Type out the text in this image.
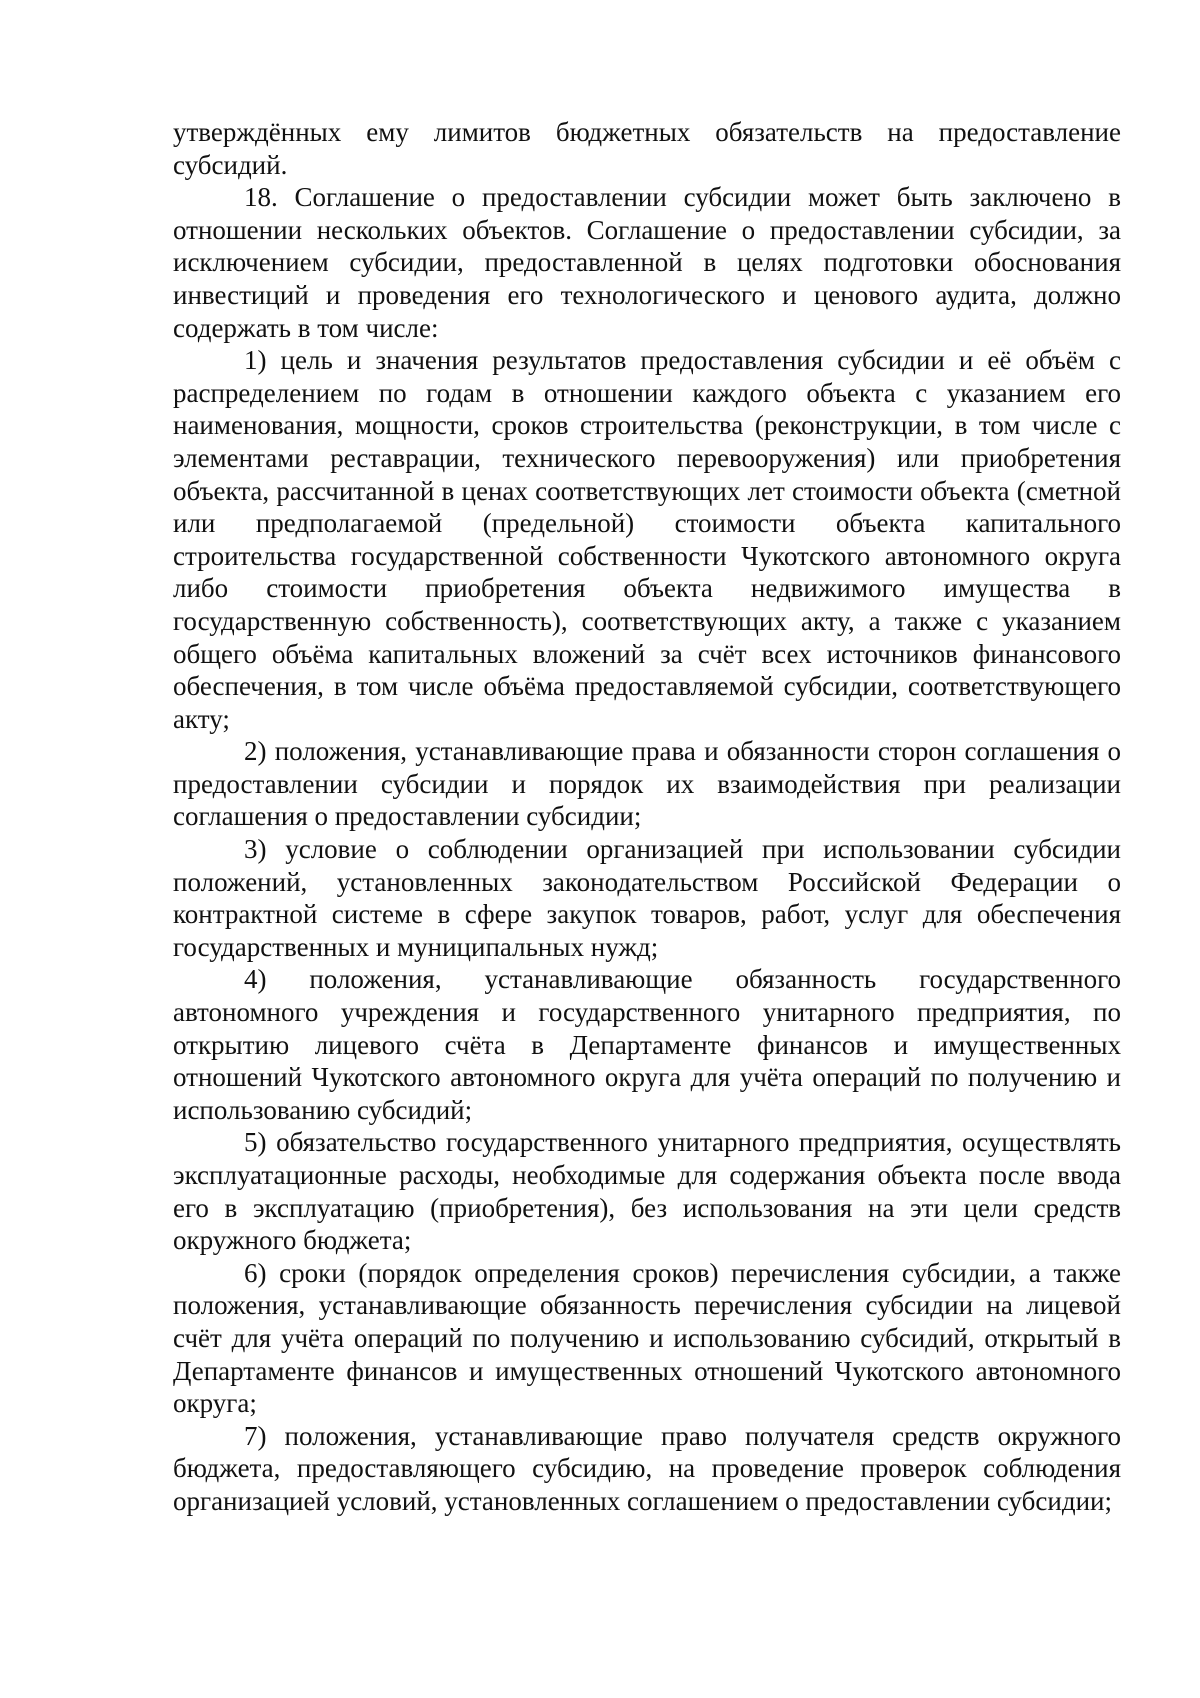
утверждённых ему лимитов бюджетных обязательств на предоставление субсидий.

18. Соглашение о предоставлении субсидии может быть заключено в отношении нескольких объектов. Соглашение о предоставлении субсидии, за исключением субсидии, предоставленной в целях подготовки обоснования инвестиций и проведения его технологического и ценового аудита, должно содержать в том числе:

1) цель и значения результатов предоставления субсидии и её объём с распределением по годам в отношении каждого объекта с указанием его наименования, мощности, сроков строительства (реконструкции, в том числе с элементами реставрации, технического перевооружения) или приобретения объекта, рассчитанной в ценах соответствующих лет стоимости объекта (сметной или предполагаемой (предельной) стоимости объекта капитального строительства государственной собственности Чукотского автономного округа либо стоимости приобретения объекта недвижимого имущества в государственную собственность), соответствующих акту, а также с указанием общего объёма капитальных вложений за счёт всех источников финансового обеспечения, в том числе объёма предоставляемой субсидии, соответствующего акту;

2) положения, устанавливающие права и обязанности сторон соглашения о предоставлении субсидии и порядок их взаимодействия при реализации соглашения о предоставлении субсидии;

3) условие о соблюдении организацией при использовании субсидии положений, установленных законодательством Российской Федерации о контрактной системе в сфере закупок товаров, работ, услуг для обеспечения государственных и муниципальных нужд;

4) положения, устанавливающие обязанность государственного автономного учреждения и государственного унитарного предприятия, по открытию лицевого счёта в Департаменте финансов и имущественных отношений Чукотского автономного округа для учёта операций по получению и использованию субсидий;

5) обязательство государственного унитарного предприятия, осуществлять эксплуатационные расходы, необходимые для содержания объекта после ввода его в эксплуатацию (приобретения), без использования на эти цели средств окружного бюджета;

6) сроки (порядок определения сроков) перечисления субсидии, а также положения, устанавливающие обязанность перечисления субсидии на лицевой счёт для учёта операций по получению и использованию субсидий, открытый в Департаменте финансов и имущественных отношений Чукотского автономного округа;

7) положения, устанавливающие право получателя средств окружного бюджета, предоставляющего субсидию, на проведение проверок соблюдения организацией условий, установленных соглашением о предоставлении субсидии;
